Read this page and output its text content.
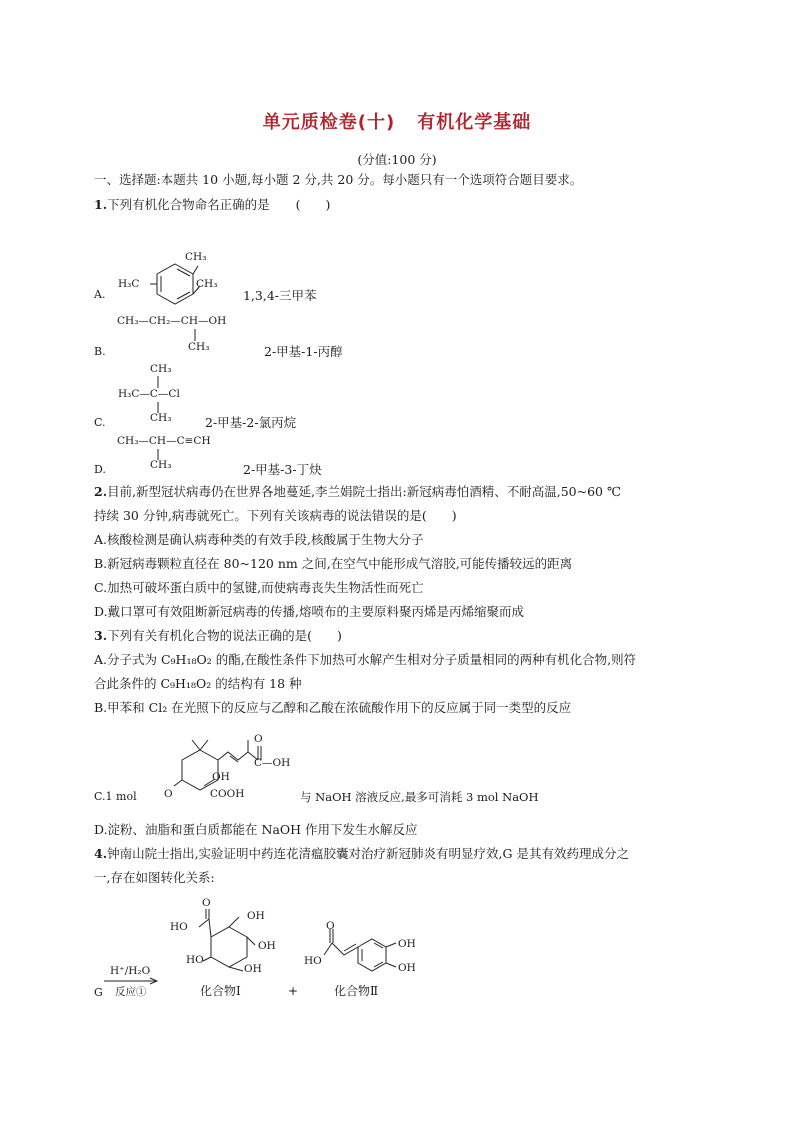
单元质检卷(十) 有机化学基础
(分值:100 分)
一、选择题:本题共 10 小题,每小题 2 分,共 20 分。每小题只有一个选项符合题目要求。
1.下列有机化合物命名正确的是 (　　)
A.
CH₃
H₃C	CH₃
1,3,4-三甲苯
CH₃—CH₂—CH—OH
B.	CH₃	2-甲基-1-丙醇
CH₃
H₃C—C—Cl
C.	CH₃	2-甲基-2-氯丙烷
CH₃—CH—C≡CH
D.	CH₃	2-甲基-3-丁炔
2.目前,新型冠状病毒仍在世界各地蔓延,李兰娟院士指出:新冠病毒怕酒精、不耐高温,50~60 ℃
持续 30 分钟,病毒就死亡。下列有关该病毒的说法错误的是(　　)
A.核酸检测是确认病毒种类的有效手段,核酸属于生物大分子
B.新冠病毒颗粒直径在 80~120 nm 之间,在空气中能形成气溶胶,可能传播较远的距离
C.加热可破坏蛋白质中的氢键,而使病毒丧失生物活性而死亡
D.戴口罩可有效阻断新冠病毒的传播,熔喷布的主要原料聚丙烯是丙烯缩聚而成
3.下列有关有机化合物的说法正确的是(　　)
A.分子式为 C₉H₁₈O₂ 的酯,在酸性条件下加热可水解产生相对分子质量相同的两种有机化合物,则符
合此条件的 C₉H₁₈O₂ 的结构有 18 种
B.甲苯和 Cl₂ 在光照下的反应与乙醇和乙酸在浓硫酸作用下的反应属于同一类型的反应
O
C—OH
OH
COOH
O
C.1 mol	与 NaOH 溶液反应,最多可消耗 3 mol NaOH
D.淀粉、油脂和蛋白质都能在 NaOH 作用下发生水解反应
4.钟南山院士指出,实验证明中药连花清瘟胶囊对治疗新冠肺炎有明显疗效,G 是其有效药理成分之
一,存在如图转化关系:
G
H⁺/H₂O
反应①
O
HO
HO
OH
OH
OH
化合物Ⅰ	+
O
HO
OH
OH
化合物Ⅱ
